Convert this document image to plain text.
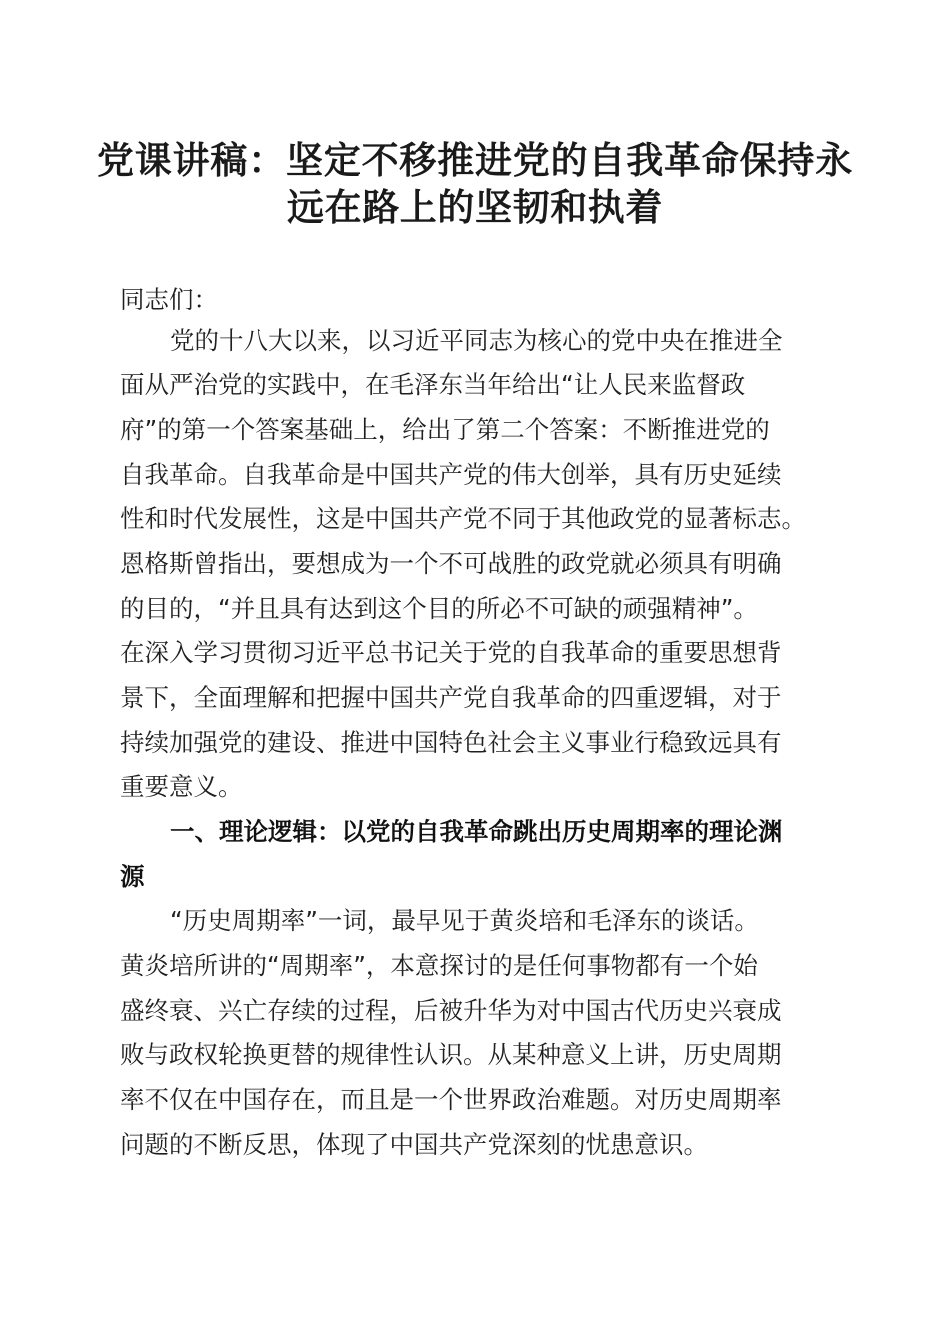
党课讲稿：坚定不移推进党的自我革命保持永
远在路上的坚韧和执着
同志们：
党的十八大以来，以习近平同志为核心的党中央在推进全
面从严治党的实践中，在毛泽东当年给出“让人民来监督政
府”的第一个答案基础上，给出了第二个答案：不断推进党的
自我革命。自我革命是中国共产党的伟大创举，具有历史延续
性和时代发展性，这是中国共产党不同于其他政党的显著标志。
恩格斯曾指出，要想成为一个不可战胜的政党就必须具有明确
的目的，“并且具有达到这个目的所必不可缺的顽强精神”。
在深入学习贯彻习近平总书记关于党的自我革命的重要思想背
景下，全面理解和把握中国共产党自我革命的四重逻辑，对于
持续加强党的建设、推进中国特色社会主义事业行稳致远具有
重要意义。
一、理论逻辑：以党的自我革命跳出历史周期率的理论渊
源
“历史周期率”一词，最早见于黄炎培和毛泽东的谈话。
黄炎培所讲的“周期率”，本意探讨的是任何事物都有一个始
盛终衰、兴亡存续的过程，后被升华为对中国古代历史兴衰成
败与政权轮换更替的规律性认识。从某种意义上讲，历史周期
率不仅在中国存在，而且是一个世界政治难题。对历史周期率
问题的不断反思，体现了中国共产党深刻的忧患意识。
